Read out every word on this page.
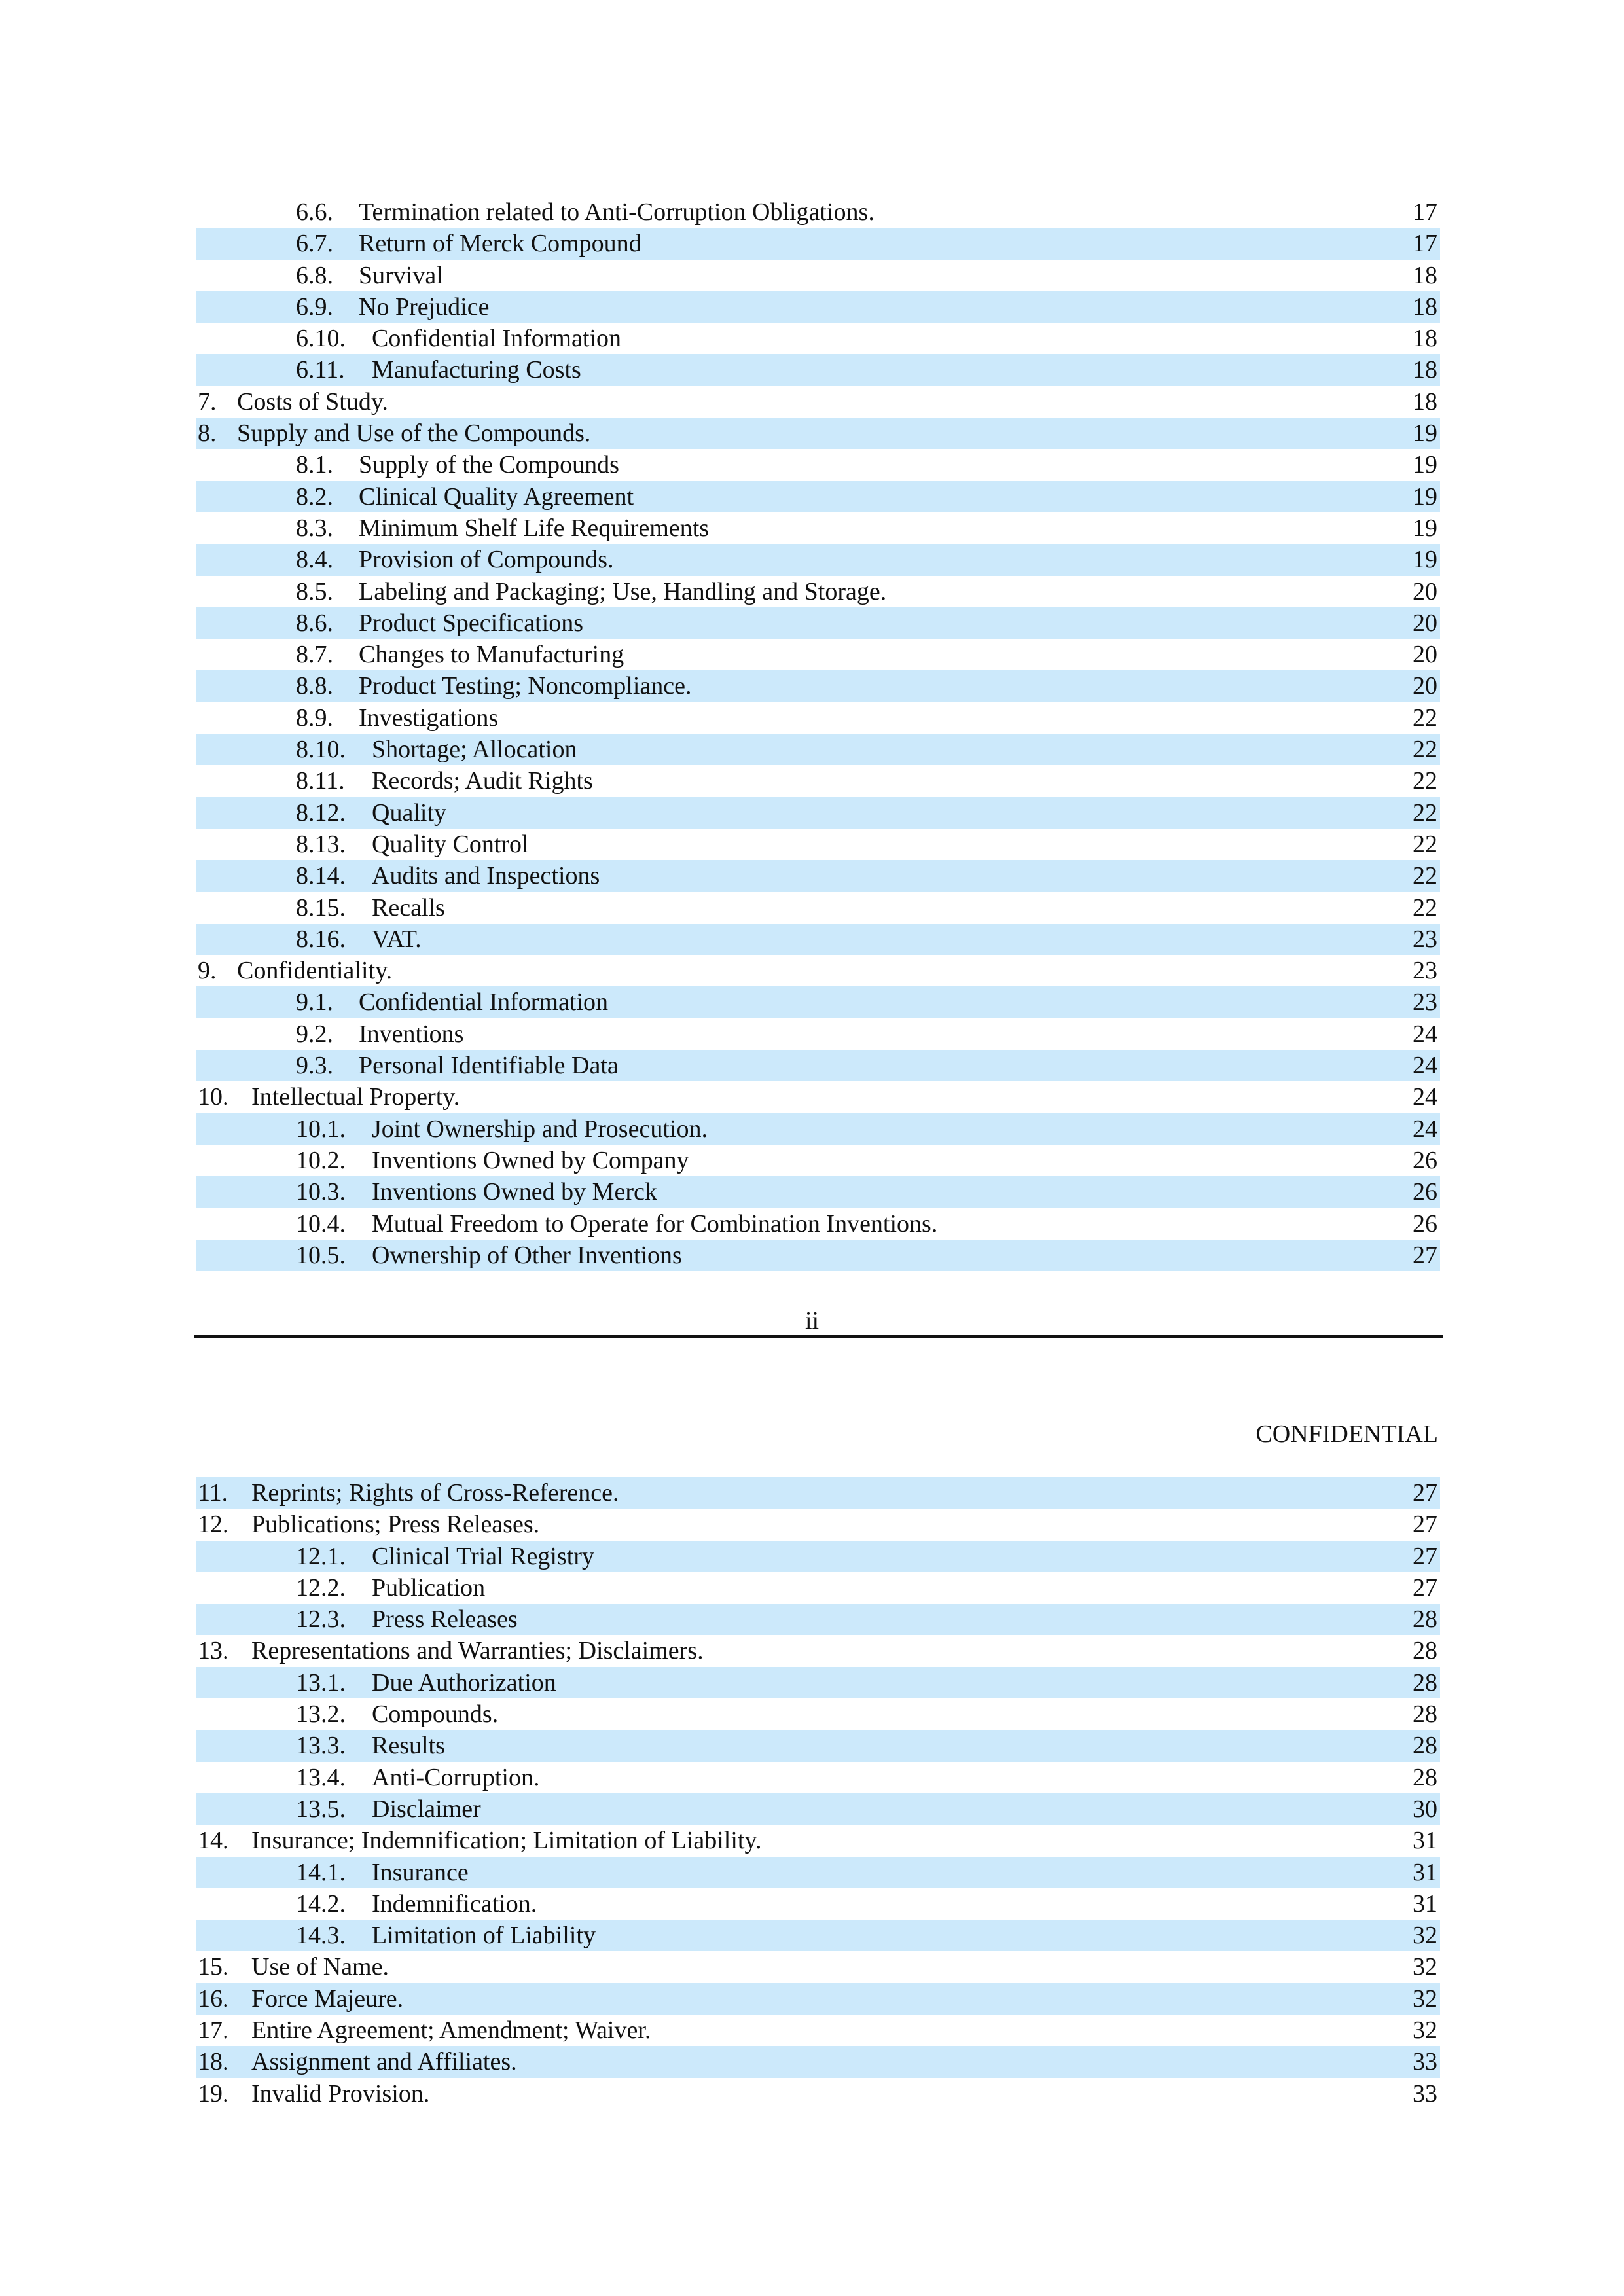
6.6. Termination related to Anti-Corruption Obligations.	17
6.7. Return of Merck Compound	17
6.8. Survival	18
6.9. No Prejudice	18
6.10. Confidential Information	18
6.11. Manufacturing Costs	18
7. Costs of Study.	18
8. Supply and Use of the Compounds.	19
8.1. Supply of the Compounds	19
8.2. Clinical Quality Agreement	19
8.3. Minimum Shelf Life Requirements	19
8.4. Provision of Compounds.	19
8.5. Labeling and Packaging; Use, Handling and Storage.	20
8.6. Product Specifications	20
8.7. Changes to Manufacturing	20
8.8. Product Testing; Noncompliance.	20
8.9. Investigations	22
8.10. Shortage; Allocation	22
8.11. Records; Audit Rights	22
8.12. Quality	22
8.13. Quality Control	22
8.14. Audits and Inspections	22
8.15. Recalls	22
8.16. VAT.	23
9. Confidentiality.	23
9.1. Confidential Information	23
9.2. Inventions	24
9.3. Personal Identifiable Data	24
10. Intellectual Property.	24
10.1. Joint Ownership and Prosecution.	24
10.2. Inventions Owned by Company	26
10.3. Inventions Owned by Merck	26
10.4. Mutual Freedom to Operate for Combination Inventions.	26
10.5. Ownership of Other Inventions	27
ii
CONFIDENTIAL
11. Reprints; Rights of Cross-Reference.	27
12. Publications; Press Releases.	27
12.1. Clinical Trial Registry	27
12.2. Publication	27
12.3. Press Releases	28
13. Representations and Warranties; Disclaimers.	28
13.1. Due Authorization	28
13.2. Compounds.	28
13.3. Results	28
13.4. Anti-Corruption.	28
13.5. Disclaimer	30
14. Insurance; Indemnification; Limitation of Liability.	31
14.1. Insurance	31
14.2. Indemnification.	31
14.3. Limitation of Liability	32
15. Use of Name.	32
16. Force Majeure.	32
17. Entire Agreement; Amendment; Waiver.	32
18. Assignment and Affiliates.	33
19. Invalid Provision.	33
